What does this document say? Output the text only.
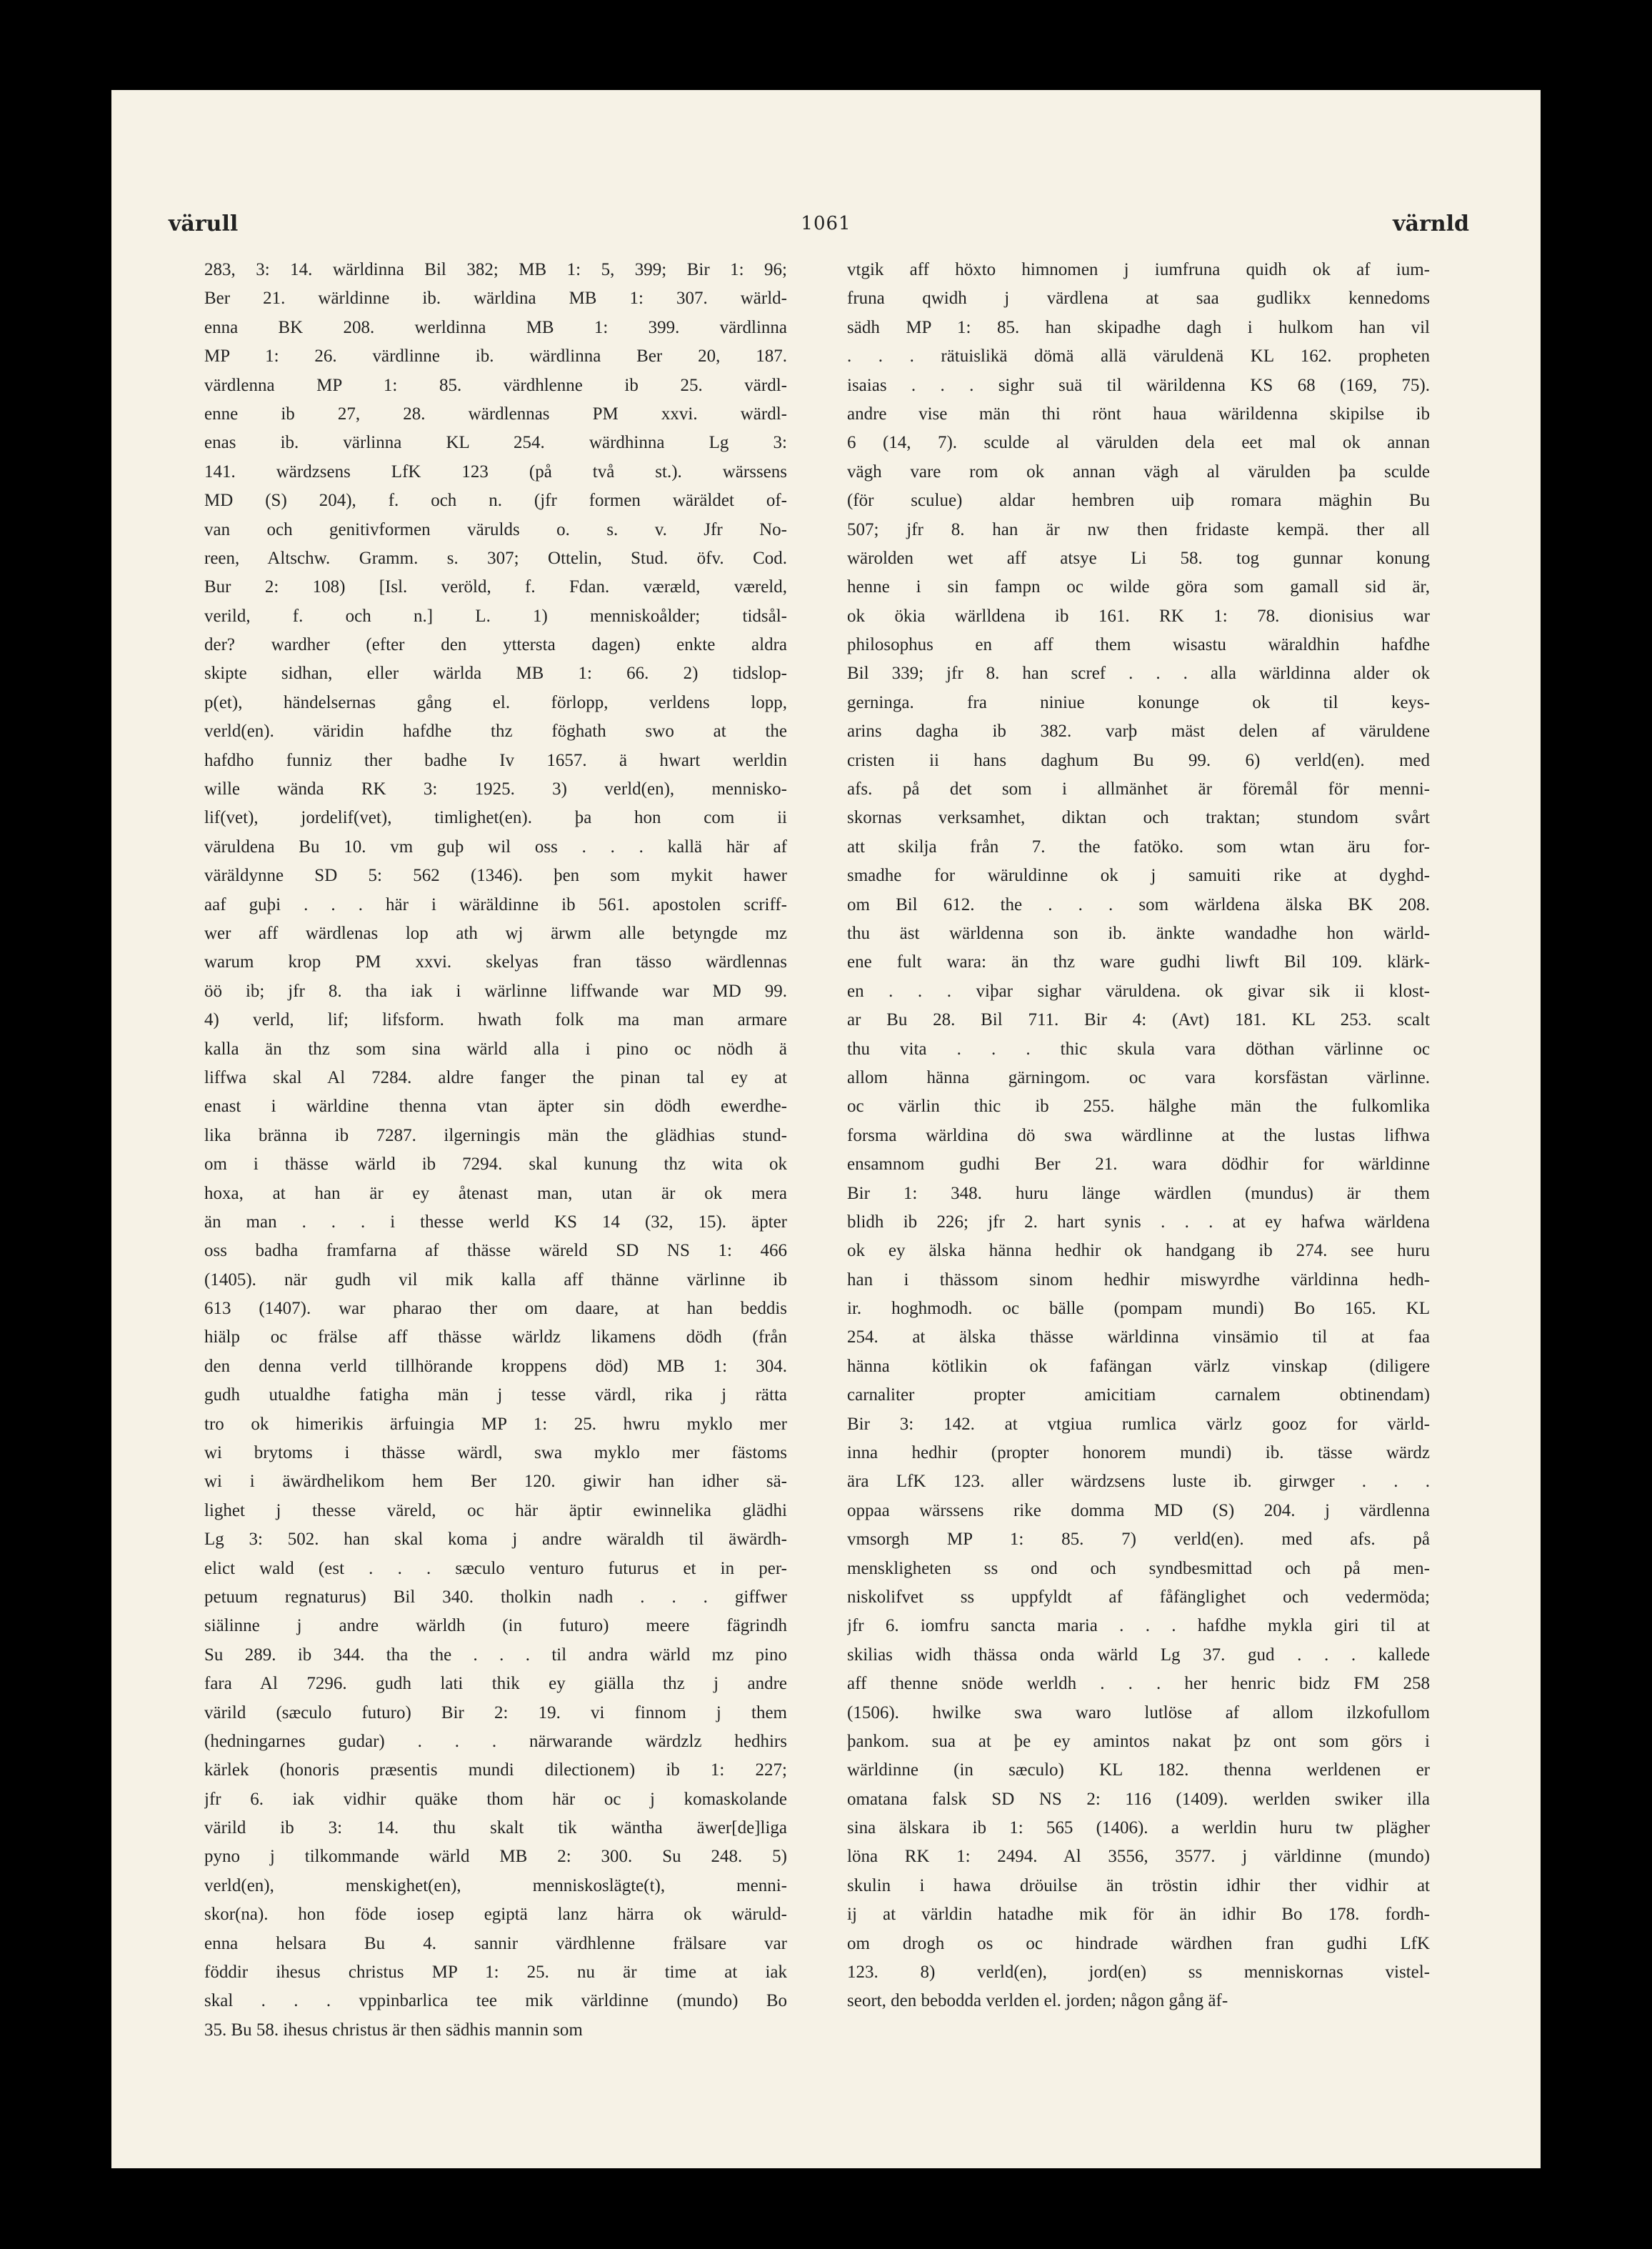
värull	1061	värnld
283, 3: 14. wärldinna Bil 382; MB 1: 5, 399; Bir 1: 96;
Ber 21. wärldinne ib. wärldina MB 1: 307. wärld-
enna BK 208. werldinna MB 1: 399. värdlinna
MP 1: 26. värdlinne ib. wärdlinna Ber 20, 187.
värdlenna MP 1: 85. värdhlenne ib 25. värdl-
enne ib 27, 28. wärdlennas PM xxvi. wärdl-
enas ib. värlinna KL 254. wärdhinna Lg 3:
141. wärdzsens LfK 123 (på två st.). wärssens
MD (S) 204), f. och n. (jfr formen wäräldet of-
van och genitivformen värulds o. s. v. Jfr No-
reen, Altschw. Gramm. s. 307; Ottelin, Stud. öfv. Cod.
Bur 2: 108) [Isl. veröld, f. Fdan. væræld, væreld,
verild, f. och n.] L. 1) menniskoålder; tidsål-
der? wardher (efter den yttersta dagen) enkte aldra
skipte sidhan, eller wärlda MB 1: 66. 2) tidslop-
p(et), händelsernas gång el. förlopp, verldens lopp,
verld(en). väridin hafdhe thz föghath swo at the
hafdho funniz ther badhe Iv 1657. ä hwart werldin
wille wända RK 3: 1925. 3) verld(en), mennisko-
lif(vet), jordelif(vet), timlighet(en). þa hon com ii
väruldena Bu 10. vm guþ wil oss . . . kallä här af
väräldynne SD 5: 562 (1346). þen som mykit hawer
aaf guþi . . . här i wäräldinne ib 561. apostolen scriff-
wer aff wärdlenas lop ath wj ärwm alle betyngde mz
warum krop PM xxvi. skelyas fran tässo wärdlennas
öö ib; jfr 8. tha iak i wärlinne liffwande war MD 99.
4) verld, lif; lifsform. hwath folk ma man armare
kalla än thz som sina wärld alla i pino oc nödh ä
liffwa skal Al 7284. aldre fanger the pinan tal ey at
enast i wärldine thenna vtan äpter sin dödh ewerdhe-
lika bränna ib 7287. ilgerningis män the glädhias stund-
om i thässe wärld ib 7294. skal kunung thz wita ok
hoxa, at han är ey åtenast man, utan är ok mera
än man . . . i thesse werld KS 14 (32, 15). äpter
oss badha framfarna af thässe wäreld SD NS 1: 466
(1405). när gudh vil mik kalla aff thänne värlinne ib
613 (1407). war pharao ther om daare, at han beddis
hiälp oc frälse aff thässe wärldz likamens dödh (från
den denna verld tillhörande kroppens död) MB 1: 304.
gudh utualdhe fatigha män j tesse värdl, rika j rätta
tro ok himerikis ärfuingia MP 1: 25. hwru myklo mer
wi brytoms i thässe wärdl, swa myklo mer fästoms
wi i äwärdhelikom hem Ber 120. giwir han idher sä-
lighet j thesse väreld, oc här äptir ewinnelika glädhi
Lg 3: 502. han skal koma j andre wäraldh til äwärdh-
elict wald (est . . . sæculo venturo futurus et in per-
petuum regnaturus) Bil 340. tholkin nadh . . . giffwer
siälinne j andre wärldh (in futuro) meere fägrindh
Su 289. ib 344. tha the . . . til andra wärld mz pino
fara Al 7296. gudh lati thik ey giälla thz j andre
värild (sæculo futuro) Bir 2: 19. vi finnom j them
(hedningarnes gudar) . . . närwarande wärdzlz hedhirs
kärlek (honoris præsentis mundi dilectionem) ib 1: 227;
jfr 6. iak vidhir quäke thom här oc j komaskolande
värild ib 3: 14. thu skalt tik wäntha äwer[de]liga
pyno j tilkommande wärld MB 2: 300. Su 248. 5)
verld(en), menskighet(en), menniskoslägte(t), menni-
skor(na). hon föde iosep egiptä lanz härra ok wäruld-
enna helsara Bu 4. sannir värdhlenne frälsare var
föddir ihesus christus MP 1: 25. nu är time at iak
skal . . . vppinbarlica tee mik världinne (mundo) Bo
35. Bu 58. ihesus christus är then sädhis mannin som
vtgik aff höxto himnomen j iumfruna quidh ok af ium-
fruna qwidh j värdlena at saa gudlikx kennedoms
sädh MP 1: 85. han skipadhe dagh i hulkom han vil
. . . rätuislikä dömä allä väruldenä KL 162. propheten
isaias . . . sighr suä til wärildenna KS 68 (169, 75).
andre vise män thi rönt haua wärildenna skipilse ib
6 (14, 7). sculde al värulden dela eet mal ok annan
vägh vare rom ok annan vägh al värulden þa sculde
(för sculue) aldar hembren uiþ romara mäghin Bu
507; jfr 8. han är nw then fridaste kempä. ther all
wärolden wet aff atsye Li 58. tog gunnar konung
henne i sin fampn oc wilde göra som gamall sid är,
ok ökia wärlldena ib 161. RK 1: 78. dionisius war
philosophus en aff them wisastu wäraldhin hafdhe
Bil 339; jfr 8. han scref . . . alla wärldinna alder ok
gerninga. fra niniue konunge ok til keys-
arins dagha ib 382. varþ mäst delen af väruldene
cristen ii hans daghum Bu 99. 6) verld(en). med
afs. på det som i allmänhet är föremål för menni-
skornas verksamhet, diktan och traktan; stundom svårt
att skilja från 7. the fatöko. som wtan äru for-
smadhe for wäruldinne ok j samuiti rike at dyghd-
om Bil 612. the . . . som wärldena älska BK 208.
thu äst wärldenna son ib. änkte wandadhe hon wärld-
ene fult wara: än thz ware gudhi liwft Bil 109. klärk-
en . . . viþar sighar väruldena. ok givar sik ii klost-
ar Bu 28. Bil 711. Bir 4: (Avt) 181. KL 253. scalt
thu vita . . . thic skula vara döthan värlinne oc
allom hänna gärningom. oc vara korsfästan värlinne.
oc värlin thic ib 255. hälghe män the fulkomlika
forsma wärldina dö swa wärdlinne at the lustas lifhwa
ensamnom gudhi Ber 21. wara dödhir for wärldinne
Bir 1: 348. huru länge wärdlen (mundus) är them
blidh ib 226; jfr 2. hart synis . . . at ey hafwa wärldena
ok ey älska hänna hedhir ok handgang ib 274. see huru
han i thässom sinom hedhir miswyrdhe världinna hedh-
ir. hoghmodh. oc bälle (pompam mundi) Bo 165. KL
254. at älska thässe wärldinna vinsämio til at faa
hänna kötlikin ok fafängan värlz vinskap (diligere
carnaliter propter amicitiam carnalem obtinendam)
Bir 3: 142. at vtgiua rumlica värlz gooz for värld-
inna hedhir (propter honorem mundi) ib. tässe wärdz
ära LfK 123. aller wärdzsens luste ib. girwger . . .
oppaa wärssens rike domma MD (S) 204. j värdlenna
vmsorgh MP 1: 85. 7) verld(en). med afs. på
menskligheten ss ond och syndbesmittad och på men-
niskolifvet ss uppfyldt af fåfänglighet och vedermöda;
jfr 6. iomfru sancta maria . . . hafdhe mykla giri til at
skilias widh thässa onda wärld Lg 37. gud . . . kallede
aff thenne snöde werldh . . . her henric bidz FM 258
(1506). hwilke swa waro lutlöse af allom ilzkofullom
þankom. sua at þe ey amintos nakat þz ont som görs i
wärldinne (in sæculo) KL 182. thenna werldenen er
omatana falsk SD NS 2: 116 (1409). werlden swiker illa
sina älskara ib 1: 565 (1406). a werldin huru tw plägher
löna RK 1: 2494. Al 3556, 3577. j världinne (mundo)
skulin i hawa dröuilse än tröstin idhir ther vidhir at
ij at världin hatadhe mik för än idhir Bo 178. fordh-
om drogh os oc hindrade wärdhen fran gudhi LfK
123. 8) verld(en), jord(en) ss menniskornas vistel-
seort, den bebodda verlden el. jorden; någon gång äf-
